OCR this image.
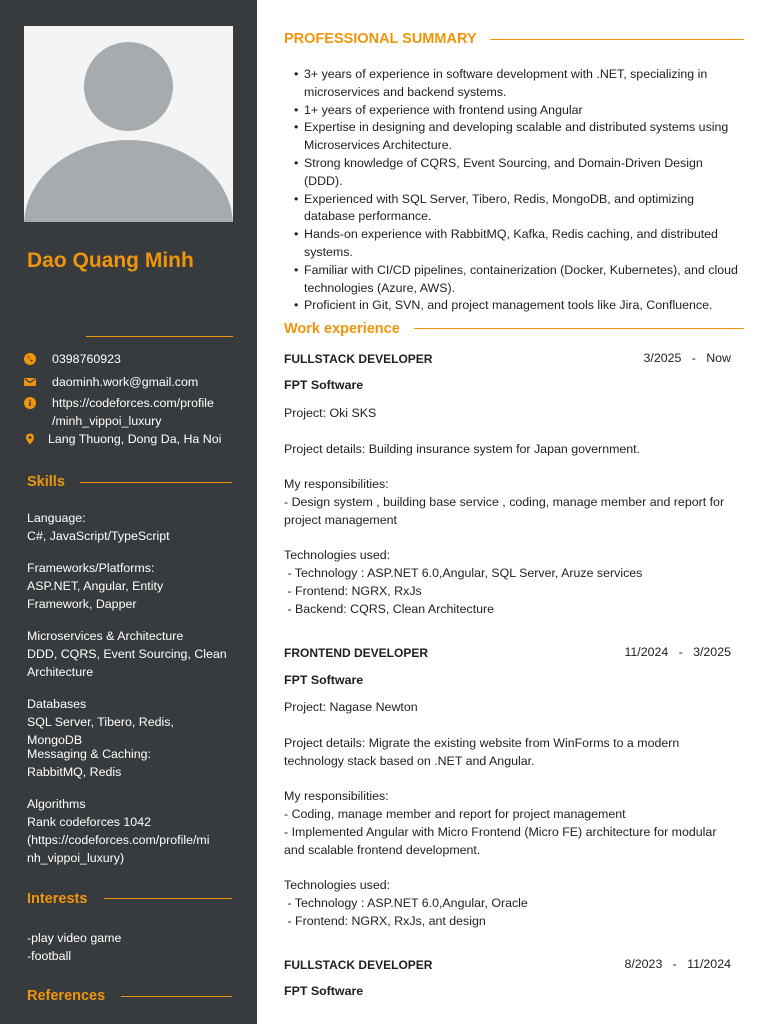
Dao Quang Minh
0398760923
daominh.work@gmail.com
https://codeforces.com/profile
/minh_vippoi_luxury
Lang Thuong, Dong Da, Ha Noi
Skills
Language:
C#, JavaScript/TypeScript
Frameworks/Platforms:
ASP.NET, Angular, Entity
Framework, Dapper
Microservices & Architecture
DDD, CQRS, Event Sourcing, Clean
Architecture
Databases
SQL Server, Tibero, Redis, MongoDB
Messaging & Caching:
RabbitMQ, Redis
Algorithms
Rank codeforces 1042
(https://codeforces.com/profile/mi
nh_vippoi_luxury)
Interests
-play video game
-football
References
PROFESSIONAL SUMMARY
• 3+ years of experience in software development with .NET, specializing in
microservices and backend systems.
• 1+ years of experience with frontend using Angular
• Expertise in designing and developing scalable and distributed systems using
Microservices Architecture.
• Strong knowledge of CQRS, Event Sourcing, and Domain-Driven Design (DDD).
• Experienced with SQL Server, Tibero, Redis, MongoDB, and optimizing
database performance.
• Hands-on experience with RabbitMQ, Kafka, Redis caching, and distributed
systems.
• Familiar with CI/CD pipelines, containerization (Docker, Kubernetes), and cloud
technologies (Azure, AWS).
• Proficient in Git, SVN, and project management tools like Jira, Confluence.
Work experience
FULLSTACK DEVELOPER	3/2025   -   Now
FPT Software
Project: Oki SKS
Project details: Building insurance system for Japan government.
My responsibilities:
- Design system , building base service , coding, manage member and report for
project management
Technologies used:
- Technology : ASP.NET 6.0,Angular, SQL Server, Aruze services
- Frontend: NGRX, RxJs
- Backend: CQRS, Clean Architecture
FRONTEND DEVELOPER	11/2024   -   3/2025
FPT Software
Project: Nagase Newton
Project details: Migrate the existing website from WinForms to a modern
technology stack based on .NET and Angular.
My responsibilities:
- Coding, manage member and report for project management
- Implemented Angular with Micro Frontend (Micro FE) architecture for modular
and scalable frontend development.
Technologies used:
- Technology : ASP.NET 6.0,Angular, Oracle
- Frontend: NGRX, RxJs, ant design
FULLSTACK DEVELOPER	8/2023   -   11/2024
FPT Software
